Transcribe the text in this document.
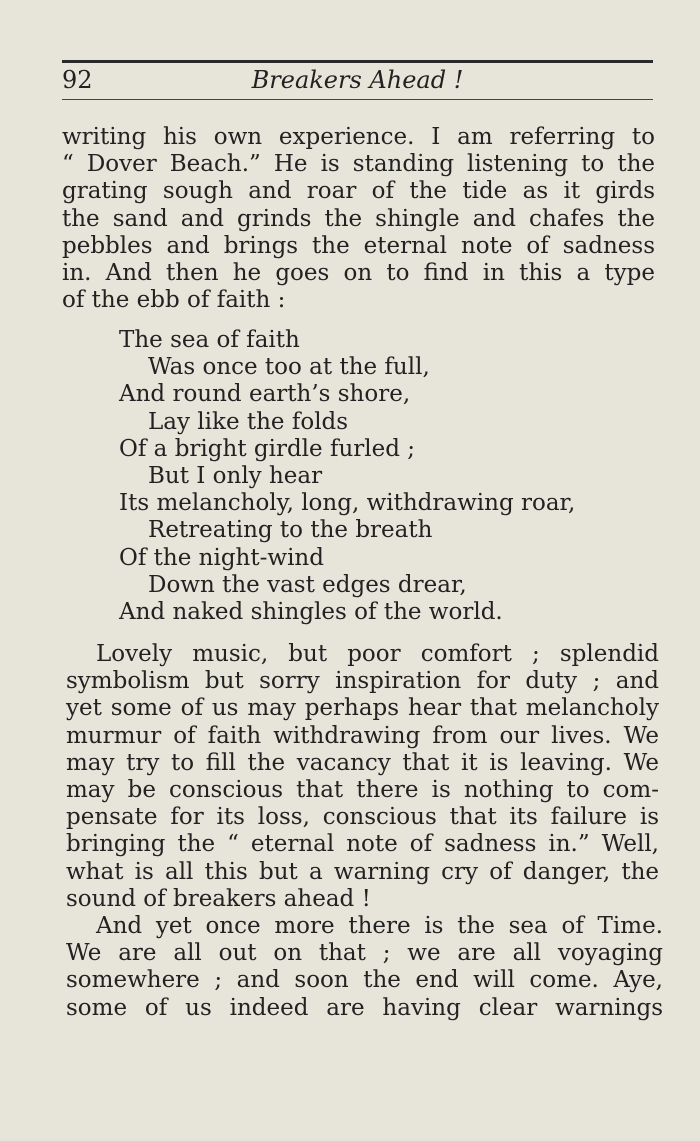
92	Breakers Ahead !
writing his own experience. I am referring to
“ Dover Beach.” He is standing listening to the
grating sough and roar of the tide as it girds
the sand and grinds the shingle and chafes the
pebbles and brings the eternal note of sadness
in. And then he goes on to find in this a type
of the ebb of faith :
The sea of faith
Was once too at the full,
And round earth’s shore,
Lay like the folds
Of a bright girdle furled ;
But I only hear
Its melancholy, long, withdrawing roar,
Retreating to the breath
Of the night-wind
Down the vast edges drear,
And naked shingles of the world.
Lovely music, but poor comfort ; splendid
symbolism but sorry inspiration for duty ; and
yet some of us may perhaps hear that melancholy
murmur of faith withdrawing from our lives. We
may try to fill the vacancy that it is leaving. We
may be conscious that there is nothing to com-
pensate for its loss, conscious that its failure is
bringing the “ eternal note of sadness in.” Well,
what is all this but a warning cry of danger, the
sound of breakers ahead !
And yet once more there is the sea of Time.
We are all out on that ; we are all voyaging
somewhere ; and soon the end will come. Aye,
some of us indeed are having clear warnings
